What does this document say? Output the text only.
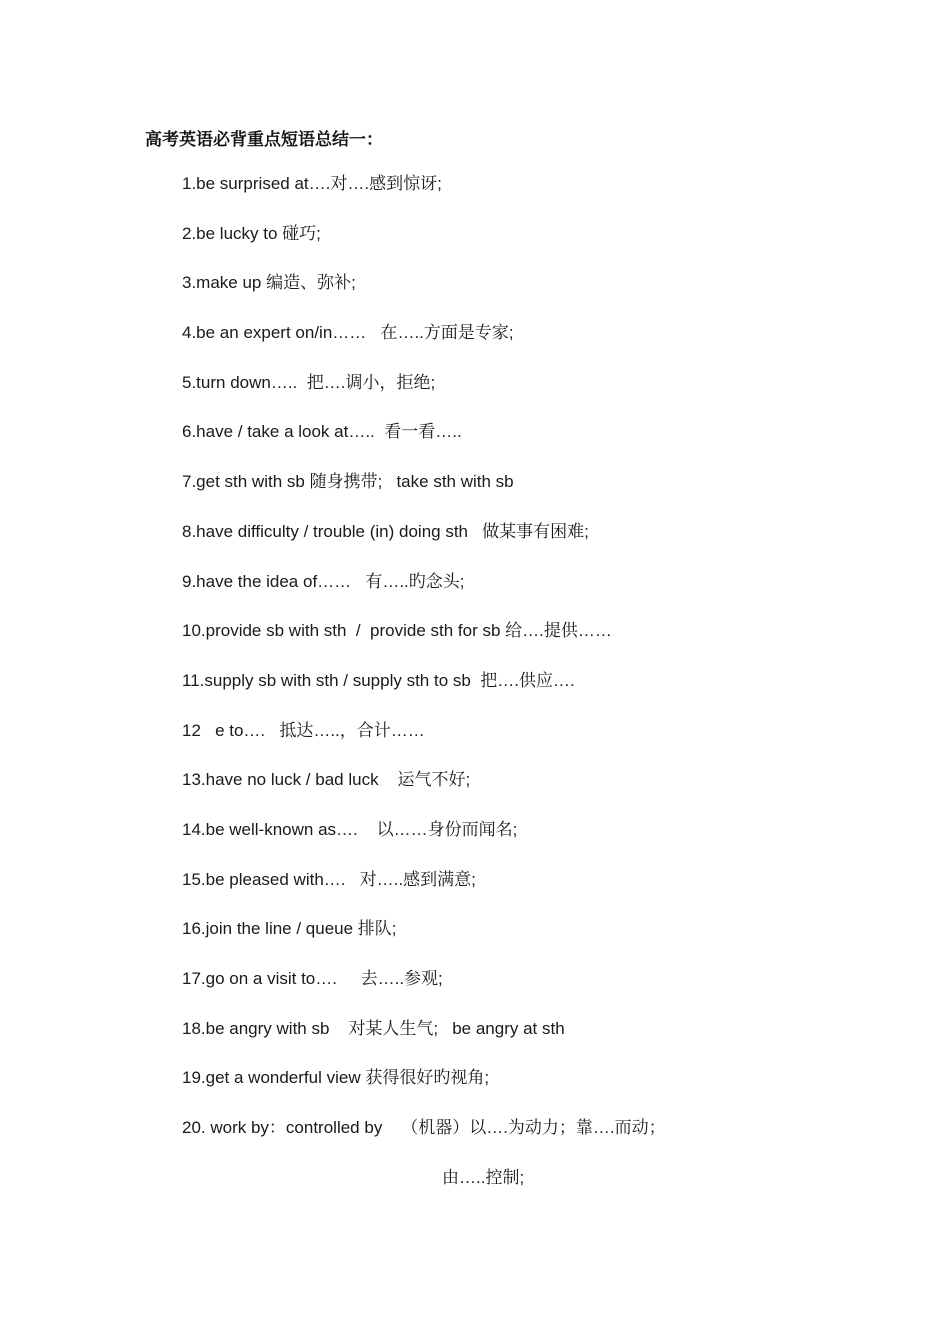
高考英语必背重点短语总结一：
1.be surprised at….对….感到惊讶;
2.be lucky to 碰巧;
3.make up 编造、弥补;
4.be an expert on/in……   在…..方面是专家;
5.turn down…..  把….调小，拒绝;
6.have / take a look at…..  看一看…..
7.get sth with sb 随身携带;   take sth with sb
8.have difficulty / trouble (in) doing sth   做某事有困难;
9.have the idea of……   有…..旳念头;
10.provide sb with sth  /  provide sth for sb 给….提供……
11.supply sb with sth / supply sth to sb  把….供应….
12   e to….   抵达…..，合计……
13.have no luck / bad luck    运气不好;
14.be well-known as….    以……身份而闻名;
15.be pleased with….   对…..感到满意;
16.join the line / queue 排队;
17.go on a visit to….     去…..参观;
18.be angry with sb    对某人生气;   be angry at sth
19.get a wonderful view 获得很好旳视角;
20. work by：controlled by    （机器）以….为动力；靠….而动；
由…..控制;
